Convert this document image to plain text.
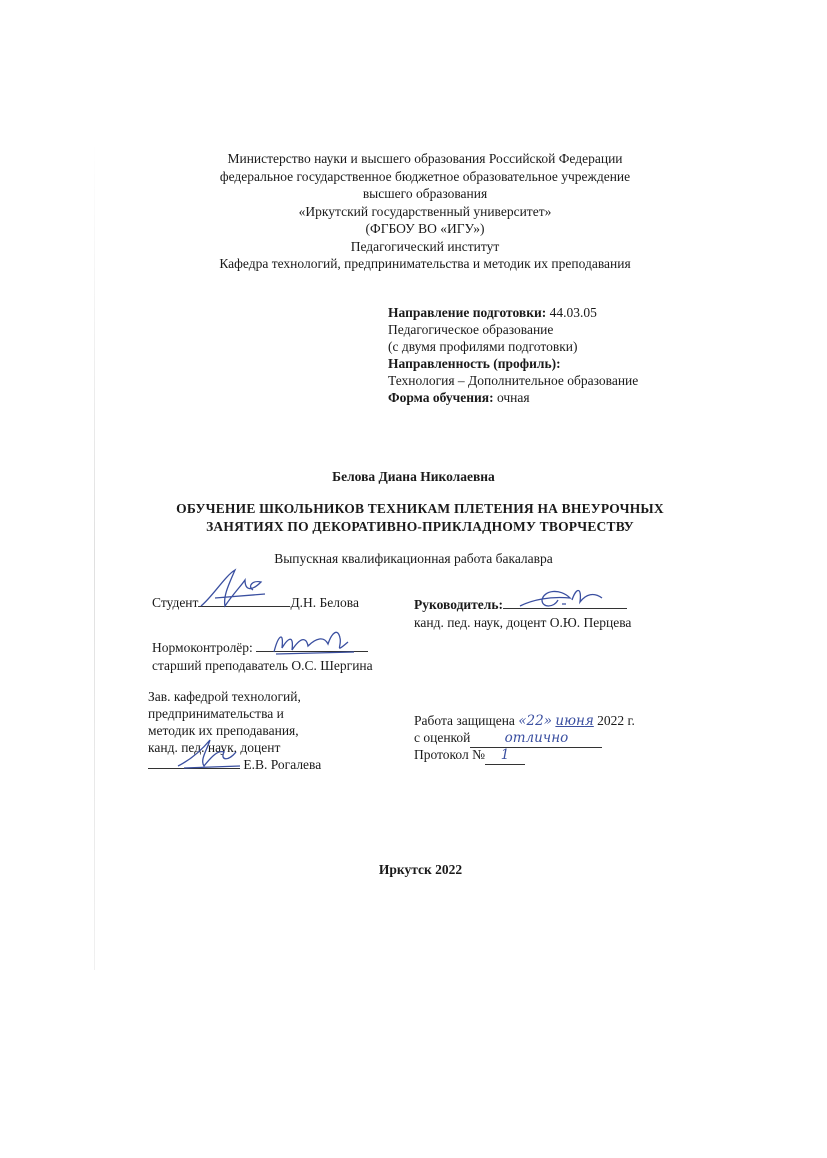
Министерство науки и высшего образования Российской Федерации
федеральное государственное бюджетное образовательное учреждение
высшего образования
«Иркутский государственный университет»
(ФГБОУ ВО «ИГУ»)
Педагогический институт
Кафедра технологий, предпринимательства и методик их преподавания
Направление подготовки: 44.03.05
Педагогическое образование
(с двумя профилями подготовки)
Направленность (профиль):
Технология – Дополнительное образование
Форма обучения: очная
Белова Диана Николаевна
ОБУЧЕНИЕ ШКОЛЬНИКОВ ТЕХНИКАМ ПЛЕТЕНИЯ НА ВНЕУРОЧНЫХ
ЗАНЯТИЯХ ПО ДЕКОРАТИВНО-ПРИКЛАДНОМУ ТВОРЧЕСТВУ
Выпускная квалификационная работа бакалавра
Студент	Д.Н. Белова	Руководитель:
канд. пед. наук, доцент О.Ю. Перцева
Нормоконтролёр:
старший преподаватель О.С. Шергина
Зав. кафедрой технологий,
предпринимательства и
методик их преподавания,
канд. пед. наук, доцент
Е.В. Рогалева
Работа защищена «22» июня 2022 г.
с оценкой	отлично
Протокол № 1
Иркутск 2022
